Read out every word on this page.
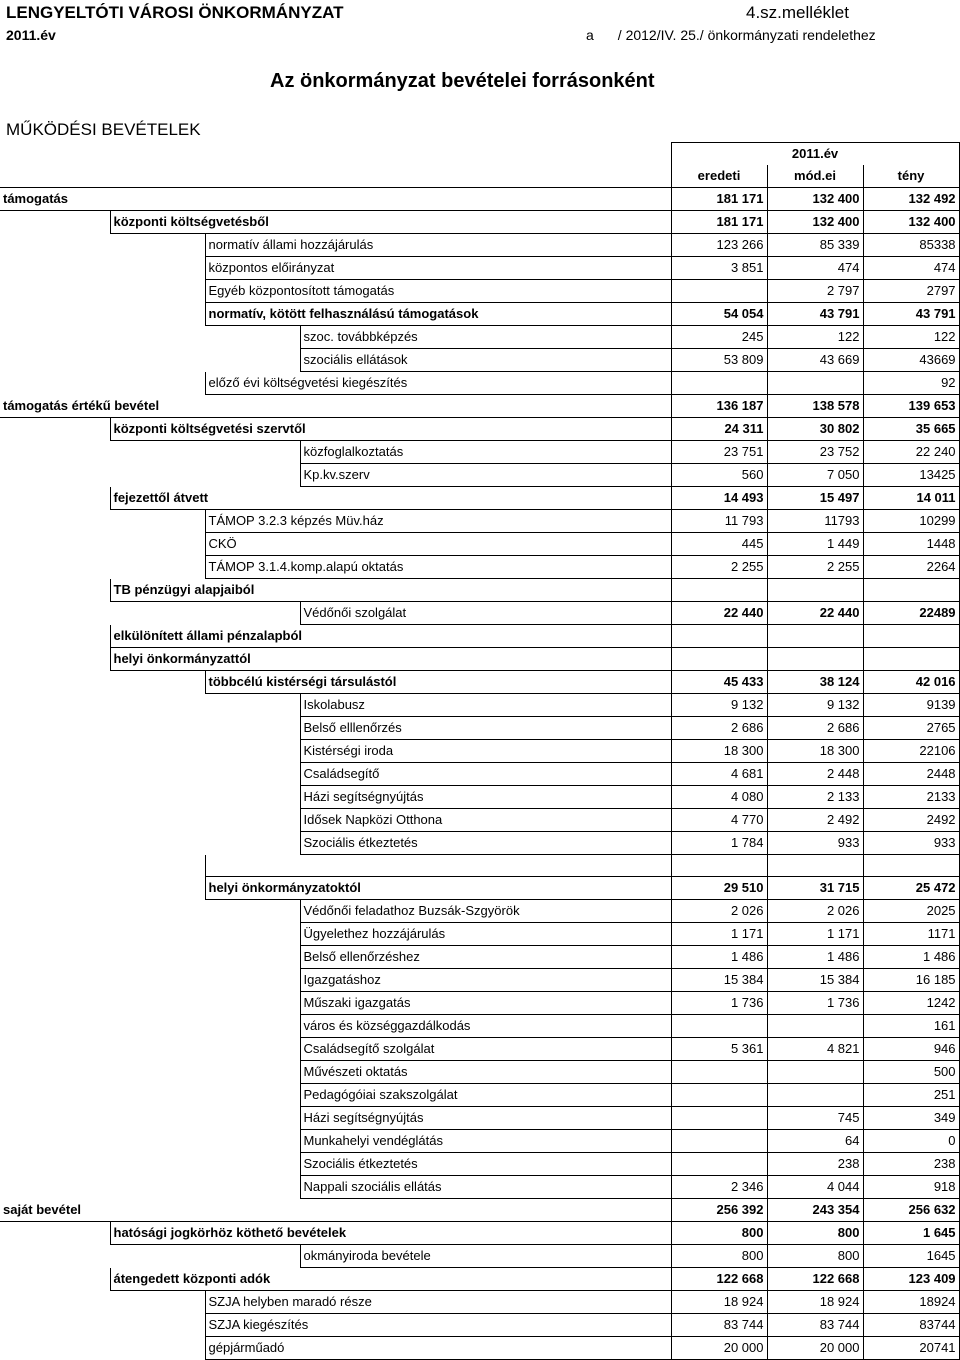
LENGYELTÓTI VÁROSI ÖNKORMÁNYZAT
2011.év
4.sz.melléklet
a / 2012/IV. 25./ önkormányzati rendelethez
Az önkormányzat bevételei forrásonként
MŰKÖDÉSI BEVÉTELEK
				2011.év		
				eredeti	mód.ei	tény
támogatás				181 171	132 400	132 492
	központi költségvetésből			181 171	132 400	132 400
		normatív állami hozzájárulás		123 266	85 339	85338
		központos előirányzat		3 851	474	474
		Egyéb központosított támogatás			2 797	2797
		normatív, kötött felhasználású támogatások		54 054	43 791	43 791
			szoc. továbbképzés	245	122	122
			szociális ellátások	53 809	43 669	43669
		előző évi költségvetési kiegészítés				92
támogatás értékű bevétel				136 187	138 578	139 653
	központi költségvetési szervtől			24 311	30 802	35 665
			közfoglalkoztatás	23 751	23 752	22 240
			Kp.kv.szerv	560	7 050	13425
	fejezettől átvett			14 493	15 497	14 011
		TÁMOP 3.2.3 képzés Müv.ház		11 793	11793	10299
		CKÖ		445	1 449	1448
		TÁMOP 3.1.4.komp.alapú oktatás		2 255	2 255	2264
	TB pénzügyi alapjaiból					
			Védőnői szolgálat	22 440	22 440	22489
	elkülönített állami pénzalapból					
	helyi önkormányzattól					
		többcélú kistérségi társulástól		45 433	38 124	42 016
			Iskolabusz	9 132	9 132	9139
			Belső elllenőrzés	2 686	2 686	2765
			Kistérségi iroda	18 300	18 300	22106
			Családsegítő	4 681	2 448	2448
			Házi segítségnyújtás	4 080	2 133	2133
			Idősek Napközi Otthona	4 770	2 492	2492
			Szociális étkeztetés	1 784	933	933

		helyi önkormányzatoktól		29 510	31 715	25 472
			Védőnői feladathoz Buzsák-Szgyörök	2 026	2 026	2025
			Ügyelethez hozzájárulás	1 171	1 171	1171
			Belső ellenőrzéshez	1 486	1 486	1 486
			Igazgatáshoz	15 384	15 384	16 185
			Műszaki igazgatás	1 736	1 736	1242
			város és községgazdálkodás			161
			Családsegítő szolgálat	5 361	4 821	946
			Művészeti oktatás			500
			Pedagógóiai szakszolgálat			251
			Házi segítségnyújtás		745	349
			Munkahelyi vendéglátás		64	0
			Szociális étkeztetés		238	238
			Nappali szociális ellátás	2 346	4 044	918
saját bevétel				256 392	243 354	256 632
	hatósági jogkörhöz köthető bevételek			800	800	1 645
			okmányiroda bevétele	800	800	1645
	átengedett központi adók			122 668	122 668	123 409
		SZJA helyben maradó része		18 924	18 924	18924
		SZJA kiegészítés		83 744	83 744	83744
		gépjárműadó		20 000	20 000	20741
